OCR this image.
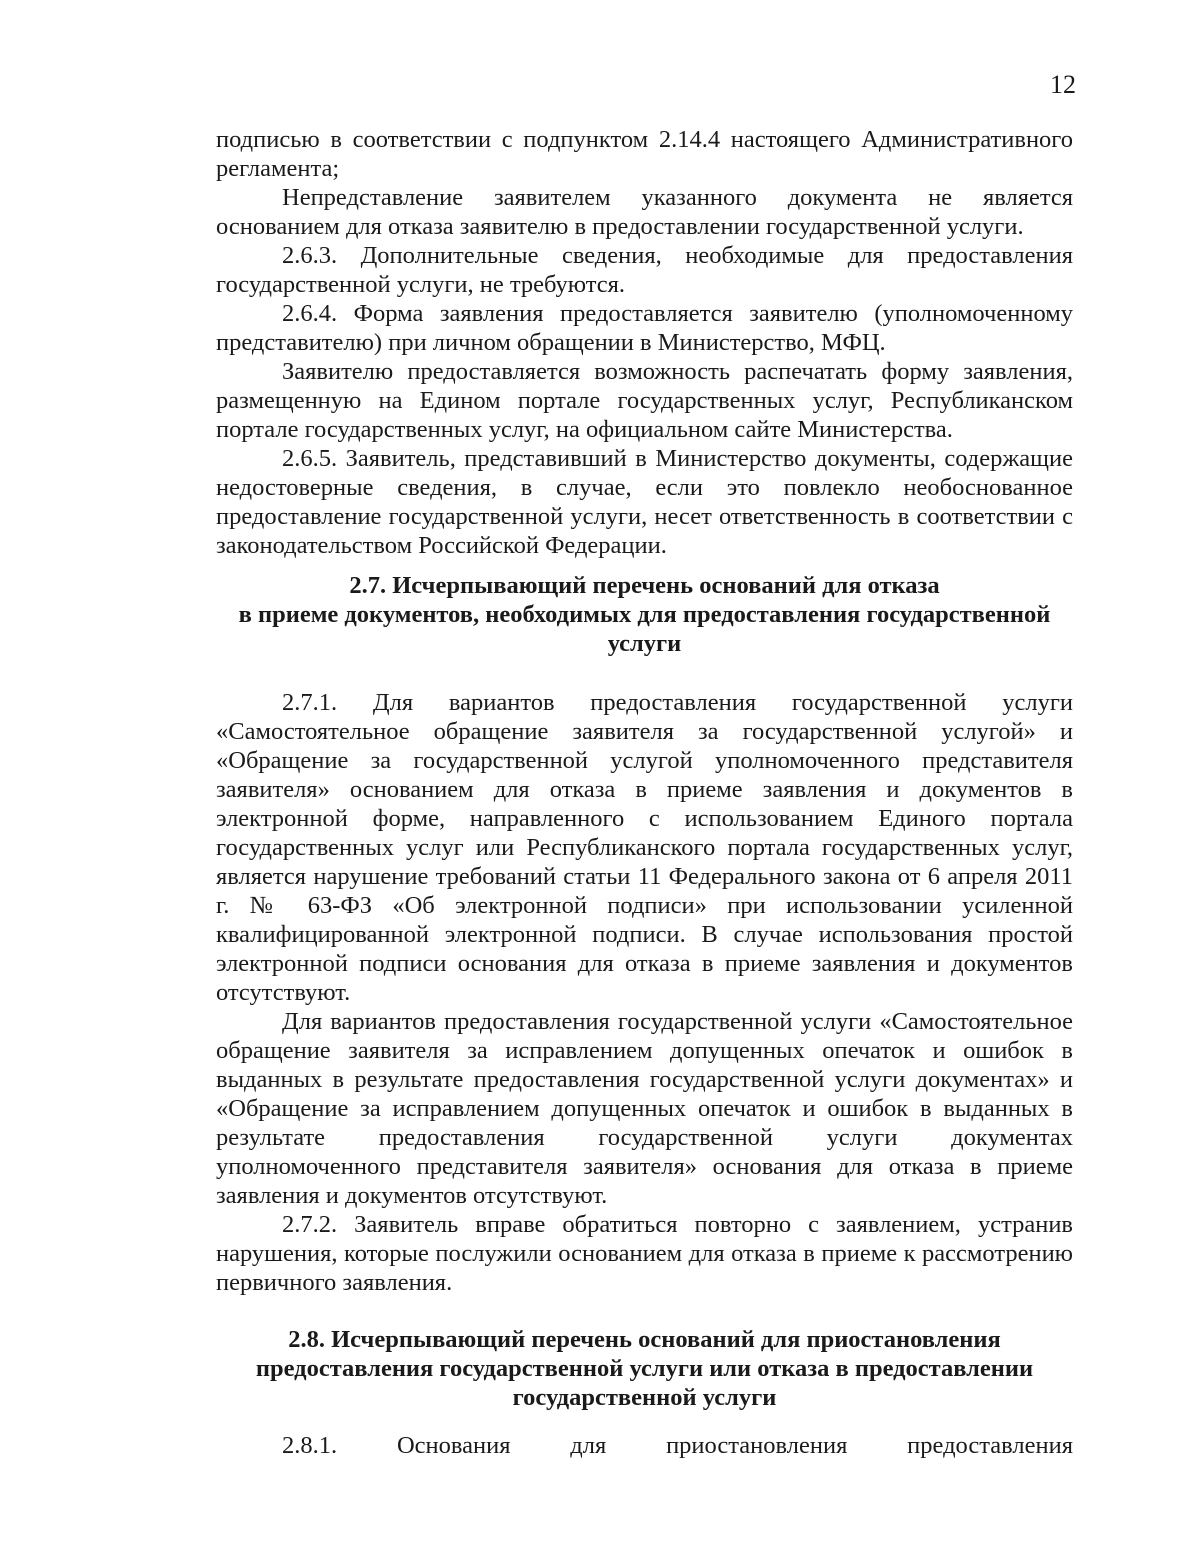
12

подписью в соответствии с подпунктом 2.14.4 настоящего Административного регламента;

Непредставление заявителем указанного документа не является основанием для отказа заявителю в предоставлении государственной услуги.

2.6.3. Дополнительные сведения, необходимые для предоставления государственной услуги, не требуются.

2.6.4. Форма заявления предоставляется заявителю (уполномоченному представителю) при личном обращении в Министерство, МФЦ.

Заявителю предоставляется возможность распечатать форму заявления, размещенную на Едином портале государственных услуг, Республиканском портале государственных услуг, на официальном сайте Министерства.

2.6.5. Заявитель, представивший в Министерство документы, содержащие недостоверные сведения, в случае, если это повлекло необоснованное предоставление государственной услуги, несет ответственность в соответствии с законодательством Российской Федерации.

2.7. Исчерпывающий перечень оснований для отказа
в приеме документов, необходимых для предоставления государственной
услуги

2.7.1. Для вариантов предоставления государственной услуги «Самостоятельное обращение заявителя за государственной услугой» и «Обращение за государственной услугой уполномоченного представителя заявителя» основанием для отказа в приеме заявления и документов в электронной форме, направленного с использованием Единого портала государственных услуг или Республиканского портала государственных услуг, является нарушение требований статьи 11 Федерального закона от 6 апреля 2011 г. № 63-ФЗ «Об электронной подписи» при использовании усиленной квалифицированной электронной подписи. В случае использования простой электронной подписи основания для отказа в приеме заявления и документов отсутствуют.

Для вариантов предоставления государственной услуги «Самостоятельное обращение заявителя за исправлением допущенных опечаток и ошибок в выданных в результате предоставления государственной услуги документах» и «Обращение за исправлением допущенных опечаток и ошибок в выданных в результате предоставления государственной услуги документах уполномоченного представителя заявителя» основания для отказа в приеме заявления и документов отсутствуют.

2.7.2. Заявитель вправе обратиться повторно с заявлением, устранив нарушения, которые послужили основанием для отказа в приеме к рассмотрению первичного заявления.

2.8. Исчерпывающий перечень оснований для приостановления
предоставления государственной услуги или отказа в предоставлении
государственной услуги
2.8.1. Основания для приостановления предоставления
